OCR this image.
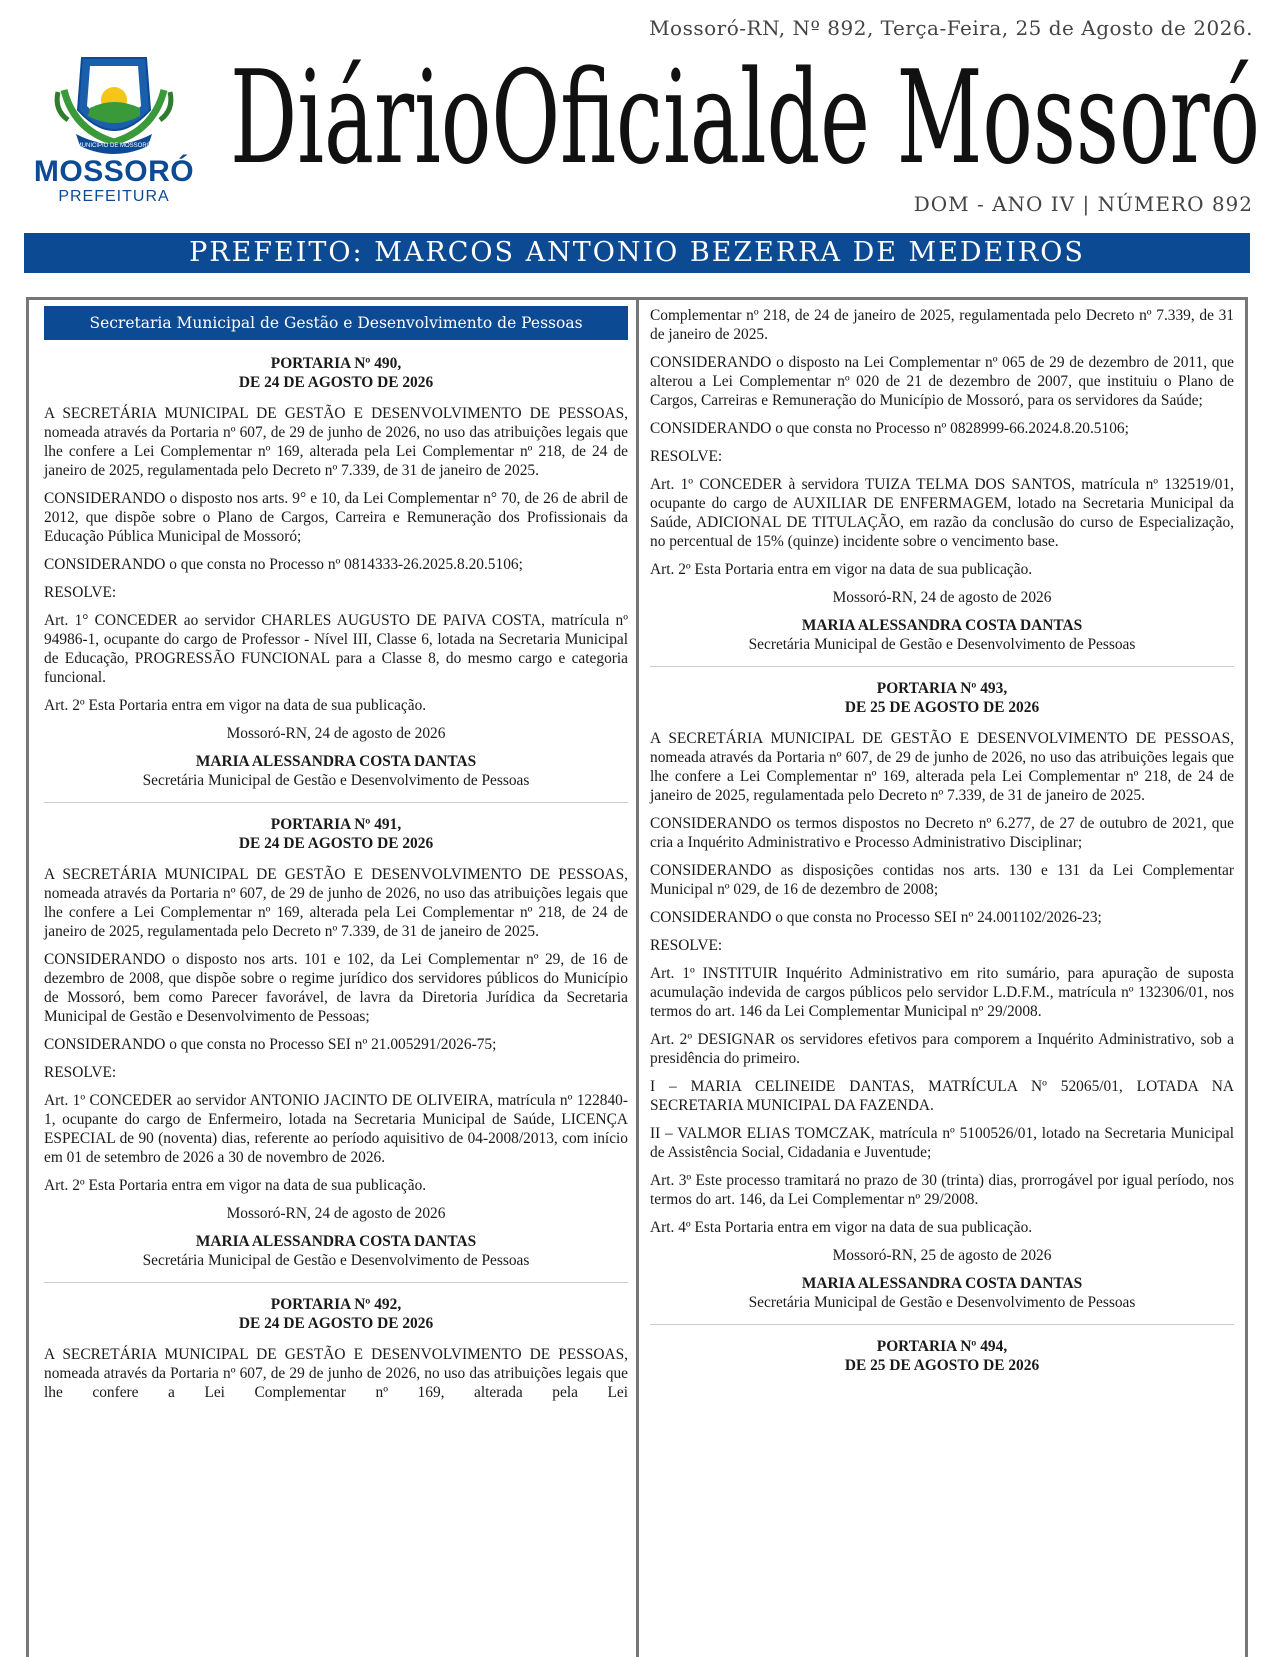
Mossoró-RN, Nº 892, Terça-Feira, 25 de Agosto de 2026.
MUNICÍPIO DE MOSSORÓ
MOSSORÓ
PREFEITURA
DiárioOficialde Mossoró
DOM - ANO IV | NÚMERO 892
PREFEITO: MARCOS ANTONIO BEZERRA DE MEDEIROS
Secretaria Municipal de Gestão e Desenvolvimento de Pessoas
PORTARIA Nº 490,
DE 24 DE AGOSTO DE 2026

A SECRETÁRIA MUNICIPAL DE GESTÃO E DESENVOLVIMENTO DE PESSOAS, nomeada através da Portaria nº 607, de 29 de junho de 2026, no uso das atribuições legais que lhe confere a Lei Complementar nº 169, alterada pela Lei Complementar nº 218, de 24 de janeiro de 2025, regulamentada pelo Decreto nº 7.339, de 31 de janeiro de 2025.

CONSIDERANDO o disposto nos arts. 9° e 10, da Lei Complementar n° 70, de 26 de abril de 2012, que dispõe sobre o Plano de Cargos, Carreira e Remuneração dos Profissionais da Educação Pública Municipal de Mossoró;

CONSIDERANDO o que consta no Processo nº 0814333-26.2025.8.20.5106;

RESOLVE:

Art. 1° CONCEDER ao servidor CHARLES AUGUSTO DE PAIVA COSTA, matrícula nº 94986-1, ocupante do cargo de Professor - Nível III, Classe 6, lotada na Secretaria Municipal de Educação, PROGRESSÃO FUNCIONAL para a Classe 8, do mesmo cargo e categoria funcional.

Art. 2º Esta Portaria entra em vigor na data de sua publicação.

Mossoró-RN, 24 de agosto de 2026

MARIA ALESSANDRA COSTA DANTAS

Secretária Municipal de Gestão e Desenvolvimento de Pessoas

PORTARIA Nº 491,
DE 24 DE AGOSTO DE 2026

A SECRETÁRIA MUNICIPAL DE GESTÃO E DESENVOLVIMENTO DE PESSOAS, nomeada através da Portaria nº 607, de 29 de junho de 2026, no uso das atribuições legais que lhe confere a Lei Complementar nº 169, alterada pela Lei Complementar nº 218, de 24 de janeiro de 2025, regulamentada pelo Decreto nº 7.339, de 31 de janeiro de 2025.

CONSIDERANDO o disposto nos arts. 101 e 102, da Lei Complementar nº 29, de 16 de dezembro de 2008, que dispõe sobre o regime jurídico dos servidores públicos do Município de Mossoró, bem como Parecer favorável, de lavra da Diretoria Jurídica da Secretaria Municipal de Gestão e Desenvolvimento de Pessoas;

CONSIDERANDO o que consta no Processo SEI nº 21.005291/2026-75;

RESOLVE:

Art. 1º CONCEDER ao servidor ANTONIO JACINTO DE OLIVEIRA, matrícula nº 122840-1, ocupante do cargo de Enfermeiro, lotada na Secretaria Municipal de Saúde, LICENÇA ESPECIAL de 90 (noventa) dias, referente ao período aquisitivo de 04-2008/2013, com início em 01 de setembro de 2026 a 30 de novembro de 2026.

Art. 2º Esta Portaria entra em vigor na data de sua publicação.

Mossoró-RN, 24 de agosto de 2026

MARIA ALESSANDRA COSTA DANTAS

Secretária Municipal de Gestão e Desenvolvimento de Pessoas

PORTARIA Nº 492,
DE 24 DE AGOSTO DE 2026

A SECRETÁRIA MUNICIPAL DE GESTÃO E DESENVOLVIMENTO DE PESSOAS, nomeada através da Portaria nº 607, de 29 de junho de 2026, no uso das atribuições legais que lhe confere a Lei Complementar nº 169, alterada pela Lei

Complementar nº 218, de 24 de janeiro de 2025, regulamentada pelo Decreto nº 7.339, de 31 de janeiro de 2025.

CONSIDERANDO o disposto na Lei Complementar nº 065 de 29 de dezembro de 2011, que alterou a Lei Complementar nº 020 de 21 de dezembro de 2007, que instituiu o Plano de Cargos, Carreiras e Remuneração do Município de Mossoró, para os servidores da Saúde;

CONSIDERANDO o que consta no Processo nº 0828999-66.2024.8.20.5106;

RESOLVE:

Art. 1º CONCEDER à servidora TUIZA TELMA DOS SANTOS, matrícula nº 132519/01, ocupante do cargo de AUXILIAR DE ENFERMAGEM, lotado na Secretaria Municipal da Saúde, ADICIONAL DE TITULAÇÃO, em razão da conclusão do curso de Especialização, no percentual de 15% (quinze) incidente sobre o vencimento base.

Art. 2º Esta Portaria entra em vigor na data de sua publicação.

Mossoró-RN, 24 de agosto de 2026

MARIA ALESSANDRA COSTA DANTAS

Secretária Municipal de Gestão e Desenvolvimento de Pessoas

PORTARIA Nº 493,
DE 25 DE AGOSTO DE 2026

A SECRETÁRIA MUNICIPAL DE GESTÃO E DESENVOLVIMENTO DE PESSOAS, nomeada através da Portaria nº 607, de 29 de junho de 2026, no uso das atribuições legais que lhe confere a Lei Complementar nº 169, alterada pela Lei Complementar nº 218, de 24 de janeiro de 2025, regulamentada pelo Decreto nº 7.339, de 31 de janeiro de 2025.

CONSIDERANDO os termos dispostos no Decreto nº 6.277, de 27 de outubro de 2021, que cria a Inquérito Administrativo e Processo Administrativo Disciplinar;

CONSIDERANDO as disposições contidas nos arts. 130 e 131 da Lei Complementar Municipal nº 029, de 16 de dezembro de 2008;

CONSIDERANDO o que consta no Processo SEI nº 24.001102/2026-23;

RESOLVE:

Art. 1º INSTITUIR Inquérito Administrativo em rito sumário, para apuração de suposta acumulação indevida de cargos públicos pelo servidor L.D.F.M., matrícula nº 132306/01, nos termos do art. 146 da Lei Complementar Municipal nº 29/2008.

Art. 2º DESIGNAR os servidores efetivos para comporem a Inquérito Administrativo, sob a presidência do primeiro.

I – MARIA CELINEIDE DANTAS, MATRÍCULA Nº 52065/01, LOTADA NA SECRETARIA MUNICIPAL DA FAZENDA.

II – VALMOR ELIAS TOMCZAK, matrícula nº 5100526/01, lotado na Secretaria Municipal de Assistência Social, Cidadania e Juventude;

Art. 3º Este processo tramitará no prazo de 30 (trinta) dias, prorrogável por igual período, nos termos do art. 146, da Lei Complementar nº 29/2008.

Art. 4º Esta Portaria entra em vigor na data de sua publicação.

Mossoró-RN, 25 de agosto de 2026

MARIA ALESSANDRA COSTA DANTAS

Secretária Municipal de Gestão e Desenvolvimento de Pessoas

PORTARIA Nº 494,
DE 25 DE AGOSTO DE 2026
